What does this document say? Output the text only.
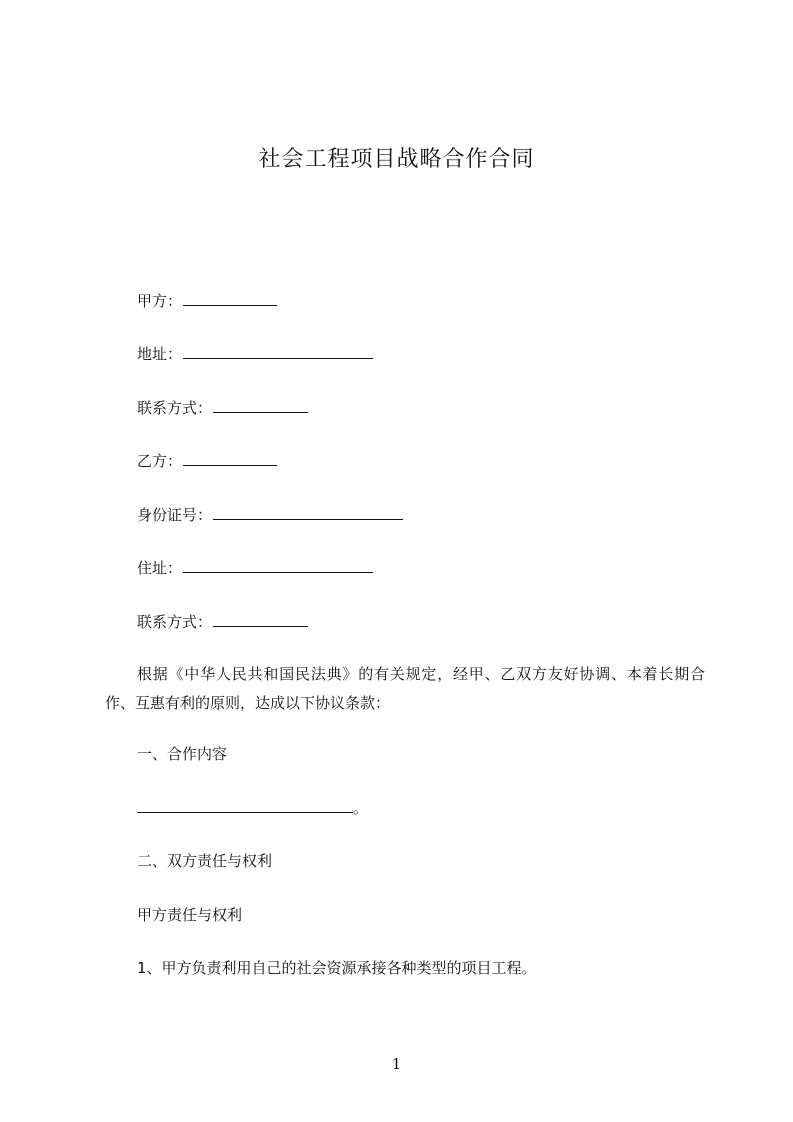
社会工程项目战略合作合同
甲方：
地址：
联系方式：
乙方：
身份证号：
住址：
联系方式：
根据《中华人民共和国民法典》的有关规定，经甲、乙双方友好协调、本着长期合作、互惠有利的原则，达成以下协议条款：
一、合作内容
。
二、双方责任与权利
甲方责任与权利
1、甲方负责利用自己的社会资源承接各种类型的项目工程。
1
